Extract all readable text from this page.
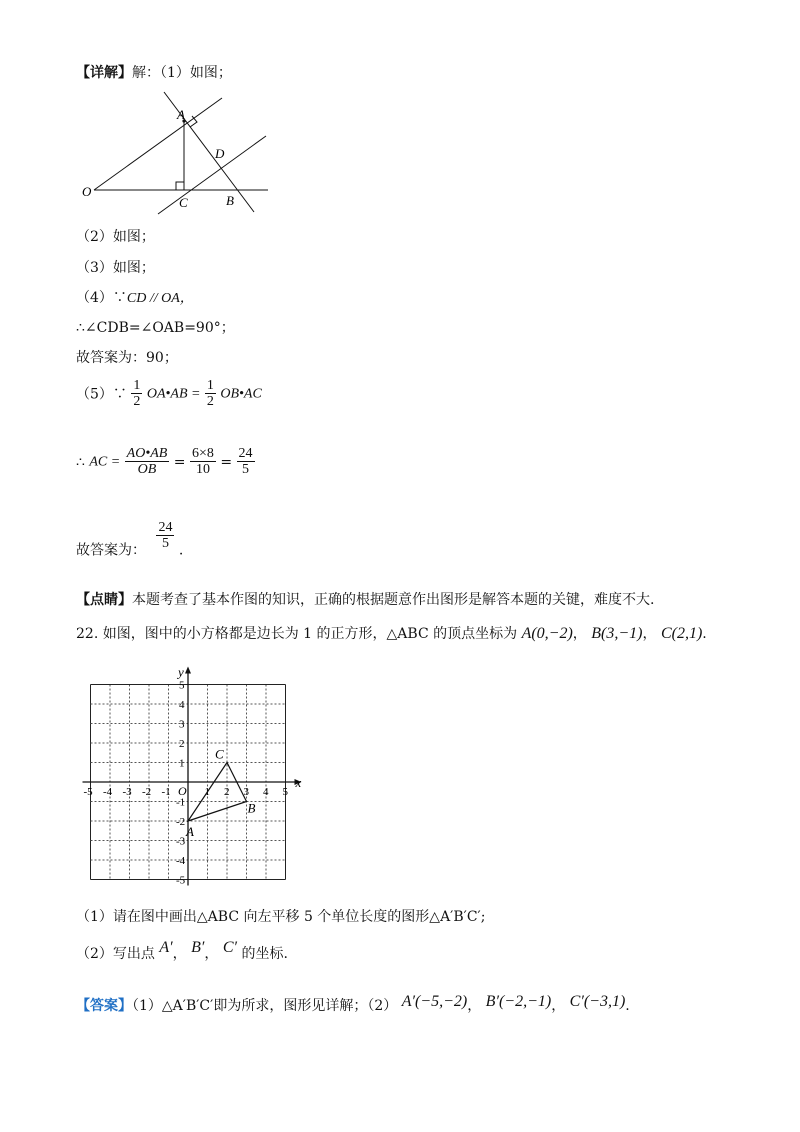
【详解】解：（1）如图；
O
A
D
C	B
（2）如图；
（3）如图；
（4）∵CD // OA，
∴∠CDB=∠OAB=90°；
故答案为：90；
（5）∵ $\frac{1}{2}$ OA•AB = $\frac{1}{2}$ OB•AC
∴ AC = $\frac{AO•AB}{OB} = \frac{6\times 8}{10} = \frac{24}{5}$
故答案为： $\frac{24}{5}$ .
【点睛】本题考查了基本作图的知识，正确的根据题意作出图形是解答本题的关键，难度不大.
22. 如图，图中的小方格都是边长为 1 的正方形，△ABC 的顶点坐标为 A(0,−2)， B(3,−1)， C(2,1).
x
y
O
-5 -4 -3 -2 -1	1 2 3 4 5
5
4
3
2
1
-1
-2
-3
-4
-5
A
B
C
（1）请在图中画出△ABC 向左平移 5 个单位长度的图形△A′B′C′;
（2）写出点 A′， B′， C′ 的坐标.
【答案】（1）△A′B′C′即为所求，图形见详解；（2） A′(−5,−2)， B′(−2,−1)， C′(−3,1).
